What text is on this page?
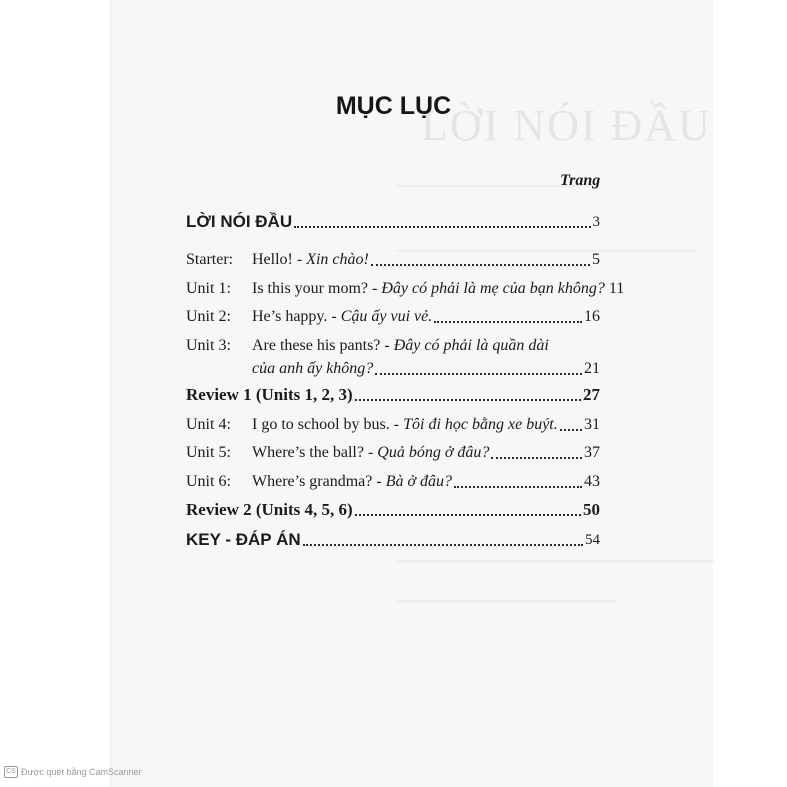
LỜI NÓI ĐẦU
MỤC LỤC
Trang
LỜI NÓI ĐẦU	3
Starter: Hello! - Xin chào!	5
Unit 1: Is this your mom? - Đây có phải là mẹ của bạn không? 11
Unit 2: He’s happy. - Cậu ấy vui vẻ.	16
Unit 3: Are these his pants? - Đây có phải là quần dài
của anh ấy không?	21
Review 1 (Units 1, 2, 3)	27
Unit 4: I go to school by bus. - Tôi đi học bằng xe buýt. 31
Unit 5: Where’s the ball? - Quả bóng ở đâu?	37
Unit 6: Where’s grandma? - Bà ở đâu?	43
Review 2 (Units 4, 5, 6)	50
KEY - ĐÁP ÁN	54
CS Được quét bằng CamScanner
